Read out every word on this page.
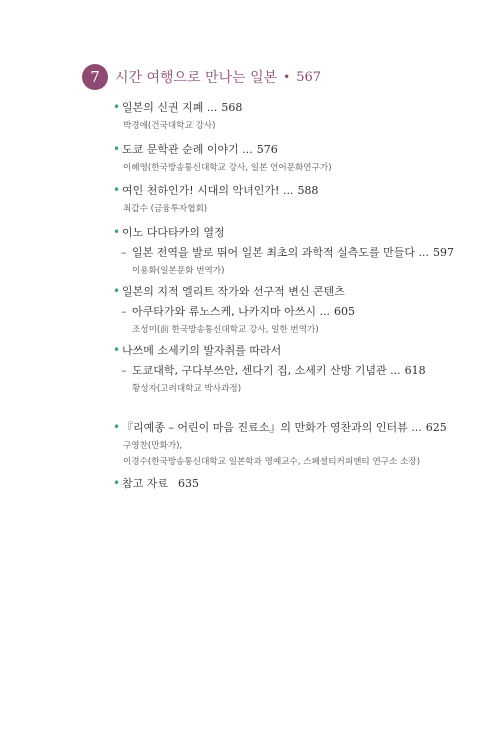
7	시간 여행으로 만나는 일본 • 567
• 일본의 신권 지폐 ... 568
박경애(건국대학교 강사)
• 도쿄 문학관 순례 이야기 ... 576
이혜영(한국방송통신대학교 강사, 일본 언어문화연구가)
• 여인 천하인가! 시대의 악녀인가! ... 588
최갑수 (금융투자협회)
• 이노 다다타카의 열정
– 일본 전역을 발로 뛰어 일본 최초의 과학적 실측도를 만들다 ... 597
이용화(일본문화 번역가)
• 일본의 지적 엘리트 작가와 선구적 변신 콘텐츠
– 아쿠타가와 류노스케, 나카지마 아쓰시 ... 605
조성미(前 한국방송통신대학교 강사, 일한 번역가)
• 나쓰메 소세키의 발자취를 따라서
– 도쿄대학, 구다부쓰안, 센다기 집, 소세키 산방 기념관 ... 618
황성자(고려대학교 박사과정)
• 『리예종 – 어린이 마음 진료소』의 만화가 영찬과의 인터뷰 ... 625
구영찬(만화가),
이경수(한국방송통신대학교 일본학과 명예교수, 스페셜티커피앤티 연구소 소장)
• 참고 자료 635
